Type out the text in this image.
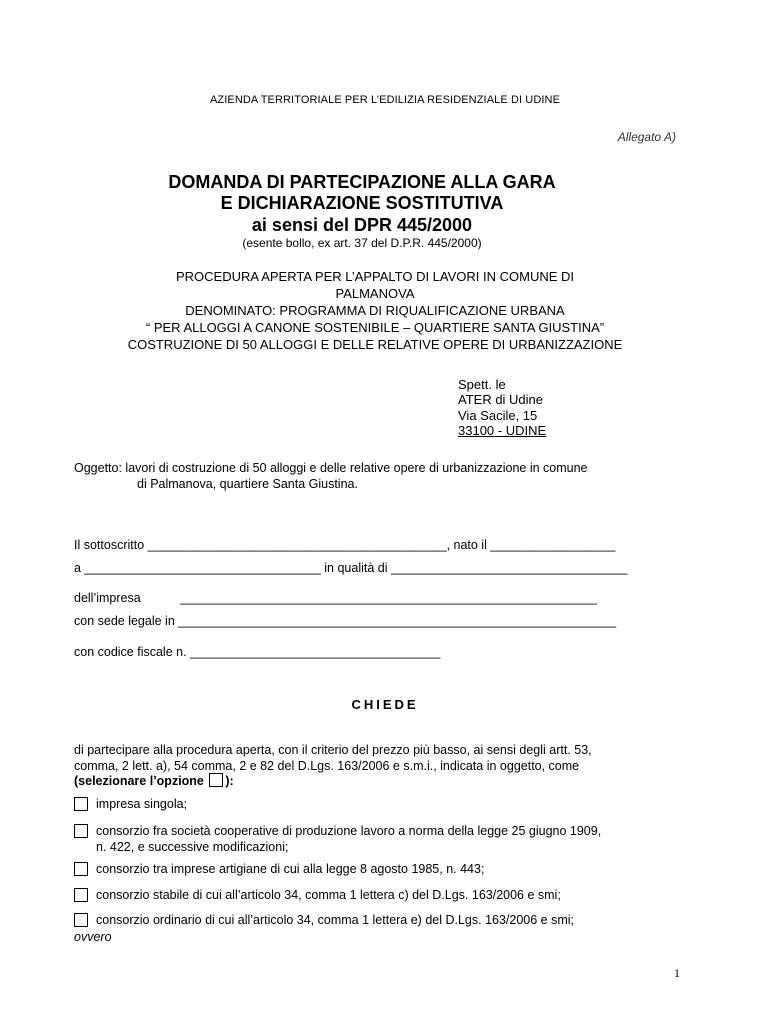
AZIENDA TERRITORIALE PER L’EDILIZIA RESIDENZIALE DI UDINE
Allegato A)
DOMANDA DI PARTECIPAZIONE ALLA GARA
E DICHIARAZIONE SOSTITUTIVA
ai sensi del DPR 445/2000
(esente bollo, ex art. 37 del D.P.R. 445/2000)
PROCEDURA APERTA PER L’APPALTO DI LAVORI IN COMUNE DI
PALMANOVA
DENOMINATO: PROGRAMMA DI RIQUALIFICAZIONE URBANA
“ PER ALLOGGI A CANONE SOSTENIBILE – QUARTIERE SANTA GIUSTINA”
COSTRUZIONE DI 50 ALLOGGI E DELLE RELATIVE OPERE DI URBANIZZAZIONE
Spett. le
ATER di Udine
Via Sacile, 15
33100 - UDINE
Oggetto: lavori di costruzione di 50 alloggi e delle relative opere di urbanizzazione in comune
di Palmanova, quartiere Santa Giustina.
Il sottoscritto ___________________________________________, nato il __________________
a __________________________________ in qualità di __________________________________
dell’impresa	____________________________________________________________
con sede legale in _______________________________________________________________
con codice fiscale n. ____________________________________
CHIEDE
di partecipare alla procedura aperta, con il criterio del prezzo più basso, ai sensi degli artt. 53,
comma, 2 lett. a), 54 comma, 2 e 82 del D.Lgs. 163/2006 e s.m.i., indicata in oggetto, come
(selezionare l’opzione ):
impresa singola;
consorzio fra società cooperative di produzione lavoro a norma della legge 25 giugno 1909,
n. 422, e successive modificazioni;
consorzio tra imprese artigiane di cui alla legge 8 agosto 1985, n. 443;
consorzio stabile di cui all’articolo 34, comma 1 lettera c) del D.Lgs. 163/2006 e smi;
consorzio ordinario di cui all’articolo 34, comma 1 lettera e) del D.Lgs. 163/2006 e smi;
ovvero
1
